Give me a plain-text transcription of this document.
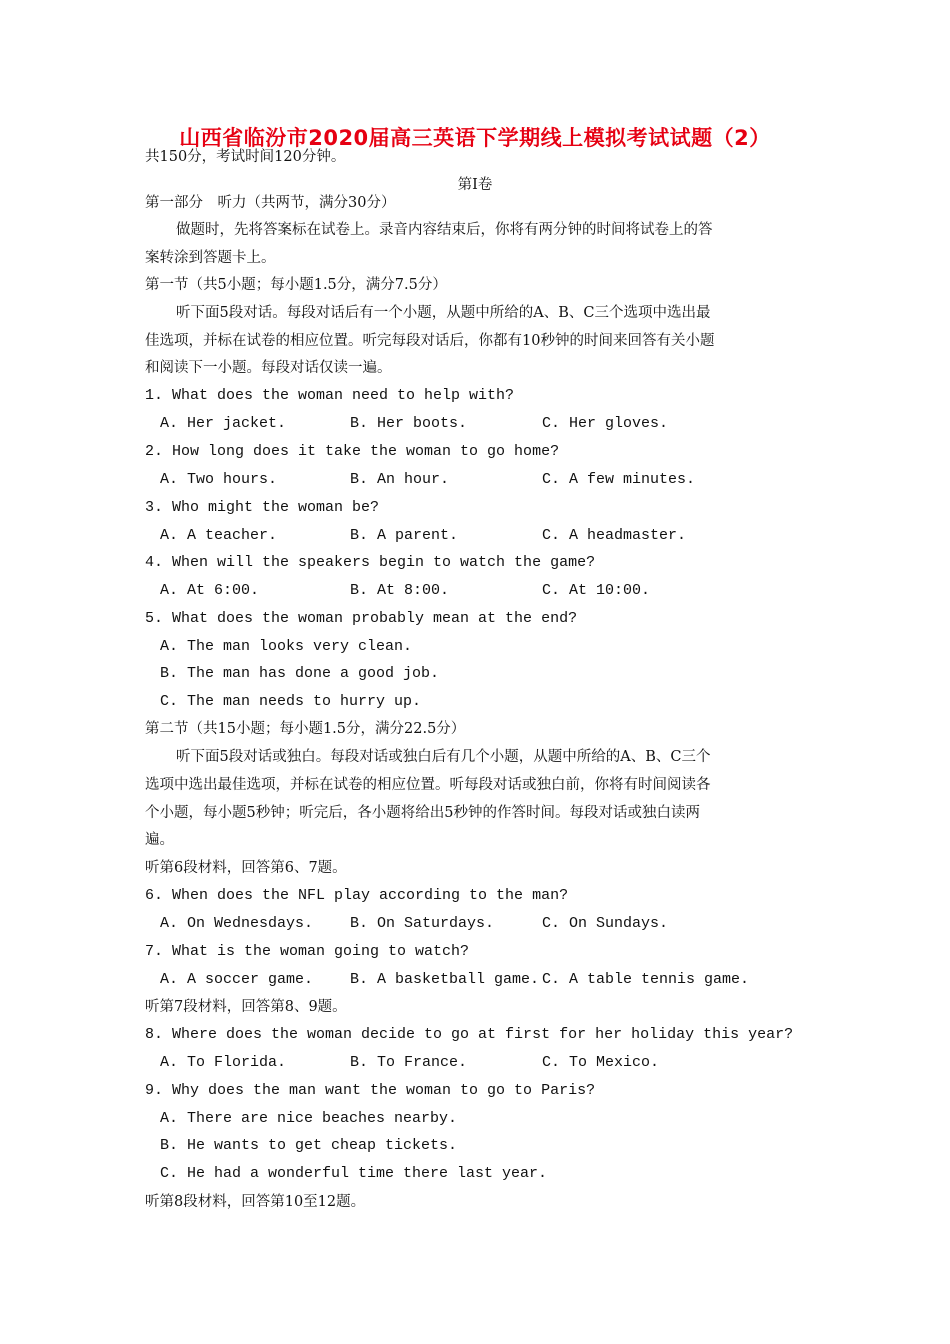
山西省临汾市2020届高三英语下学期线上模拟考试试题（2）
共150分，考试时间120分钟。
第Ⅰ卷
第一部分　听力（共两节，满分30分）
做题时，先将答案标在试卷上。录音内容结束后，你将有两分钟的时间将试卷上的答
案转涂到答题卡上。
第一节（共5小题；每小题1.5分，满分7.5分）
听下面5段对话。每段对话后有一个小题，从题中所给的A、B、C三个选项中选出最
佳选项，并标在试卷的相应位置。听完每段对话后，你都有10秒钟的时间来回答有关小题
和阅读下一小题。每段对话仅读一遍。
1. What does the woman need to help with?
A. Her jacket.	B. Her boots.	C. Her gloves.
2. How long does it take the woman to go home?
A. Two hours.	B. An hour.	C. A few minutes.
3. Who might the woman be?
A. A teacher.	B. A parent.	C. A headmaster.
4. When will the speakers begin to watch the game?
A. At 6:00.	B. At 8:00.	C. At 10:00.
5. What does the woman probably mean at the end?
A. The man looks very clean.
B. The man has done a good job.
C. The man needs to hurry up.
第二节（共15小题；每小题1.5分，满分22.5分）
听下面5段对话或独白。每段对话或独白后有几个小题，从题中所给的A、B、C三个
选项中选出最佳选项，并标在试卷的相应位置。听每段对话或独白前，你将有时间阅读各
个小题，每小题5秒钟；听完后，各小题将给出5秒钟的作答时间。每段对话或独白读两
遍。
听第6段材料，回答第6、7题。
6. When does the NFL play according to the man?
A. On Wednesdays. B. On Saturdays.	C. On Sundays.
7. What is the woman going to watch?
A. A soccer game. B. A basketball game. C. A table tennis game.
听第7段材料，回答第8、9题。
8. Where does the woman decide to go at first for her holiday this year?
A. To Florida.	B. To France.	C. To Mexico.
9. Why does the man want the woman to go to Paris?
A. There are nice beaches nearby.
B. He wants to get cheap tickets.
C. He had a wonderful time there last year.
听第8段材料，回答第10至12题。
